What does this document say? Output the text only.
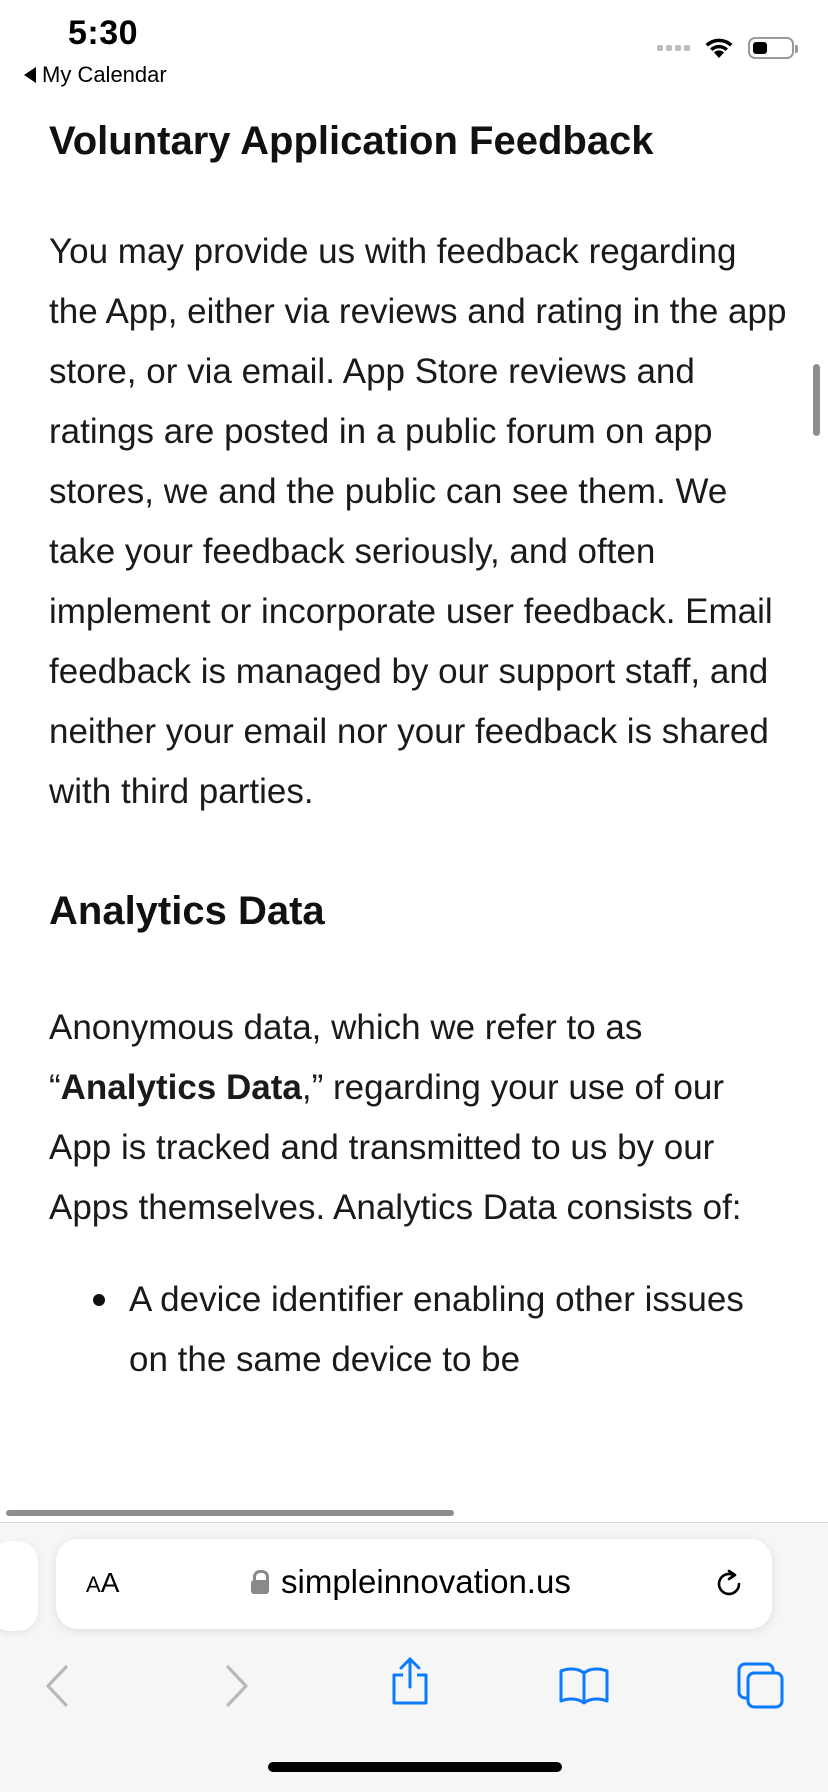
5:30
My Calendar
Voluntary Application Feedback

You may provide us with feedback regarding the App, either via reviews and rating in the app store, or via email. App Store reviews and ratings are posted in a public forum on app stores, we and the public can see them. We take your feedback seriously, and often implement or incorporate user feedback. Email feedback is managed by our support staff, and neither your email nor your feedback is shared with third parties.

Analytics Data

Anonymous data, which we refer to as “Analytics Data,” regarding your use of our App is tracked and transmitted to us by our Apps themselves. Analytics Data consists of:

A device identifier enabling other issues on the same device to be
AA	simpleinnovation.us
